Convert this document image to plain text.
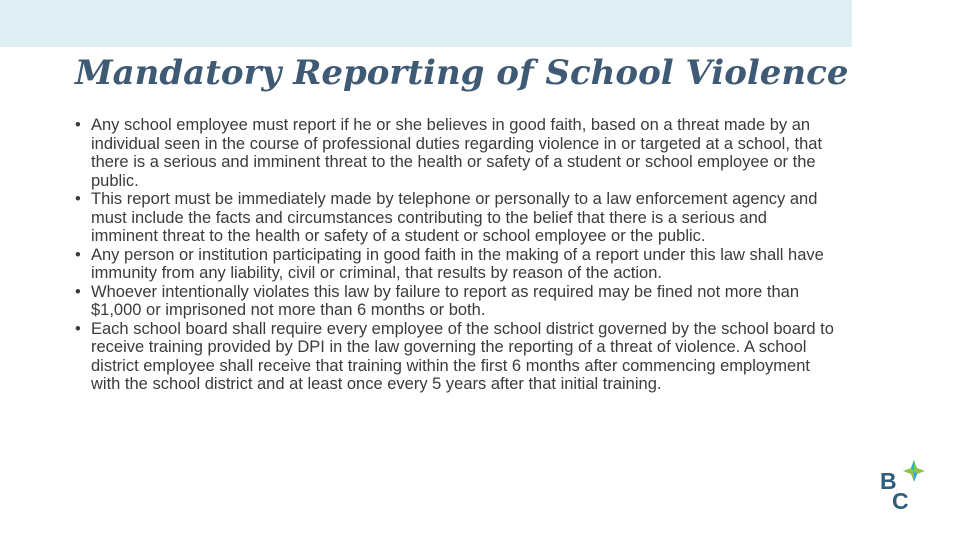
Mandatory Reporting of School Violence
• Any school employee must report if he or she believes in good faith, based on a threat made by an individual seen in the course of professional duties regarding violence in or targeted at a school, that there is a serious and imminent threat to the health or safety of a student or school employee or the public.
• This report must be immediately made by telephone or personally to a law enforcement agency and must include the facts and circumstances contributing to the belief that there is a serious and imminent threat to the health or safety of a student or school employee or the public.
• Any person or institution participating in good faith in the making of a report under this law shall have immunity from any liability, civil or criminal, that results by reason of the action.
• Whoever intentionally violates this law by failure to report as required may be fined not more than $1,000 or imprisoned not more than 6 months or both.
• Each school board shall require every employee of the school district governed by the school board to receive training provided by DPI in the law governing the reporting of a threat of violence. A school district employee shall receive that training within the first 6 months after commencing employment with the school district and at least once every 5 years after that initial training.
B
C
